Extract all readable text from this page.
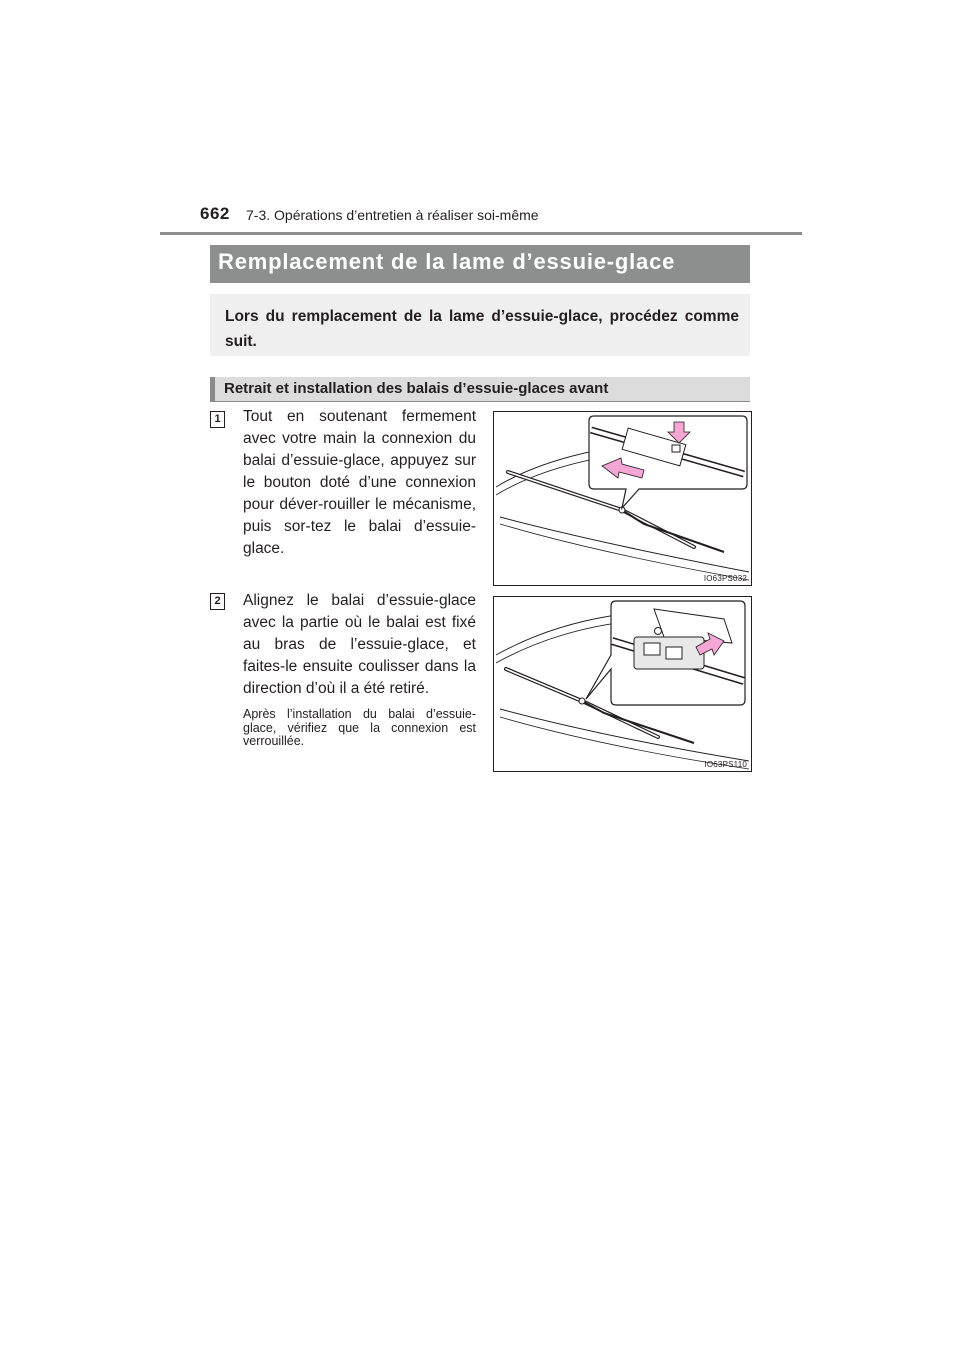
662 7-3. Opérations d’entretien à réaliser soi-même
Remplacement de la lame d’essuie-glace
Lors du remplacement de la lame d’essuie-glace, procédez comme suit.
Retrait et installation des balais d’essuie-glaces avant
1 Tout en soutenant fermement avec votre main la connexion du balai d’essuie-glace, appuyez sur le bouton doté d’une connexion pour déver-rouiller le mécanisme, puis sor-tez le balai d’essuie-glace.
IO63PS032
2 Alignez le balai d’essuie-glace avec la partie où le balai est fixé au bras de l’essuie-glace, et faites-le ensuite coulisser dans la direction d’où il a été retiré.
Après l’installation du balai d’essuie-glace, vérifiez que la connexion est verrouillée.
IO63PS110
